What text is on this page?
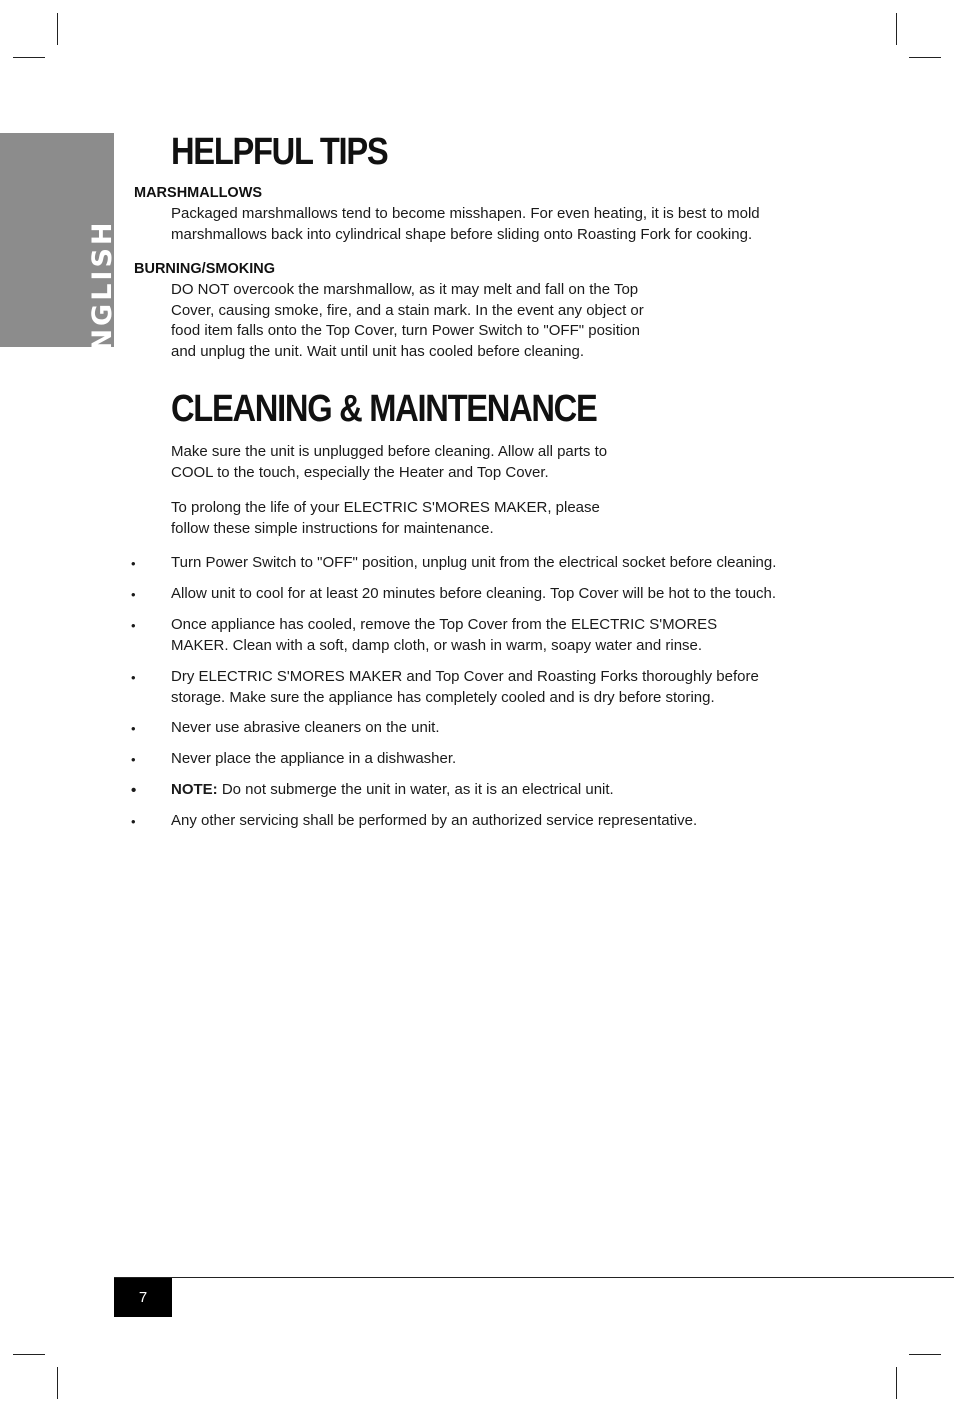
ENGLISH
HELPFUL TIPS
MARSHMALLOWS
Packaged marshmallows tend to become misshapen. For even heating, it is best to mold
marshmallows back into cylindrical shape before sliding onto Roasting Fork for cooking.
BURNING/SMOKING
DO NOT overcook the marshmallow, as it may melt and fall on the Top
Cover, causing smoke, fire, and a stain mark. In the event any object or
food item falls onto the Top Cover, turn Power Switch to "OFF" position
and unplug the unit. Wait until unit has cooled before cleaning.
CLEANING & MAINTENANCE
Make sure the unit is unplugged before cleaning. Allow all parts to
COOL to the touch, especially the Heater and Top Cover.
To prolong the life of your ELECTRIC S'MORES MAKER, please
follow these simple instructions for maintenance.
• Turn Power Switch to "OFF" position, unplug unit from the electrical socket before cleaning.
• Allow unit to cool for at least 20 minutes before cleaning. Top Cover will be hot to the touch.
• Once appliance has cooled, remove the Top Cover from the ELECTRIC S'MORES
MAKER. Clean with a soft, damp cloth, or wash in warm, soapy water and rinse.
• Dry ELECTRIC S'MORES MAKER and Top Cover and Roasting Forks thoroughly before
storage. Make sure the appliance has completely cooled and is dry before storing.
• Never use abrasive cleaners on the unit.
• Never place the appliance in a dishwasher.
• NOTE: Do not submerge the unit in water, as it is an electrical unit.
• Any other servicing shall be performed by an authorized service representative.
7
